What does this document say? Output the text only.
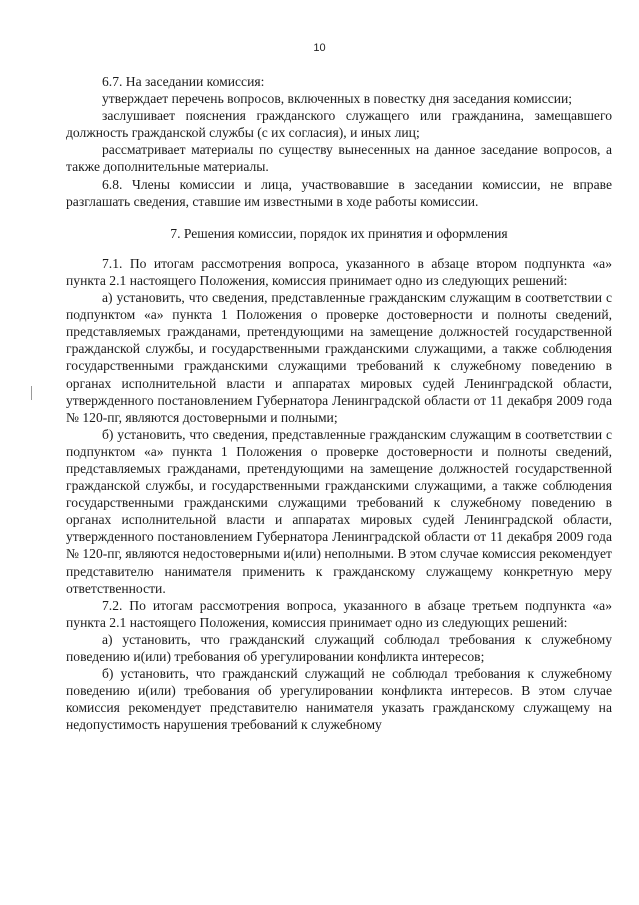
10

6.7. На заседании комиссия:

утверждает перечень вопросов, включенных в повестку дня заседания комиссии;

заслушивает пояснения гражданского служащего или гражданина, замещавшего должность гражданской службы (с их согласия), и иных лиц;

рассматривает материалы по существу вынесенных на данное заседание вопросов, а также дополнительные материалы.

6.8. Члены комиссии и лица, участвовавшие в заседании комиссии, не вправе разглашать сведения, ставшие им известными в ходе работы комиссии.

7. Решения комиссии, порядок их принятия и оформления

7.1. По итогам рассмотрения вопроса, указанного в абзаце втором подпункта «а» пункта 2.1 настоящего Положения, комиссия принимает одно из следующих решений:

а) установить, что сведения, представленные гражданским служащим в соответствии с подпунктом «а» пункта 1 Положения о проверке достоверности и полноты сведений, представляемых гражданами, претендующими на замещение должностей государственной гражданской службы, и государственными гражданскими служащими, а также соблюдения государственными гражданскими служащими требований к служебному поведению в органах исполнительной власти и аппаратах мировых судей Ленинградской области, утвержденного постановлением Губернатора Ленинградской области от 11 декабря 2009 года № 120-пг, являются достоверными и полными;

б) установить, что сведения, представленные гражданским служащим в соответствии с подпунктом «а» пункта 1 Положения о проверке достоверности и полноты сведений, представляемых гражданами, претендующими на замещение должностей государственной гражданской службы, и государственными гражданскими служащими, а также соблюдения государственными гражданскими служащими требований к служебному поведению в органах исполнительной власти и аппаратах мировых судей Ленинградской области, утвержденного постановлением Губернатора Ленинградской области от 11 декабря 2009 года № 120-пг, являются недостоверными и(или) неполными. В этом случае комиссия рекомендует представителю нанимателя применить к гражданскому служащему конкретную меру ответственности.

7.2. По итогам рассмотрения вопроса, указанного в абзаце третьем подпункта «а» пункта 2.1 настоящего Положения, комиссия принимает одно из следующих решений:

а) установить, что гражданский служащий соблюдал требования к служебному поведению и(или) требования об урегулировании конфликта интересов;

б) установить, что гражданский служащий не соблюдал требования к служебному поведению и(или) требования об урегулировании конфликта интересов. В этом случае комиссия рекомендует представителю нанимателя указать гражданскому служащему на недопустимость нарушения требований к служебному
